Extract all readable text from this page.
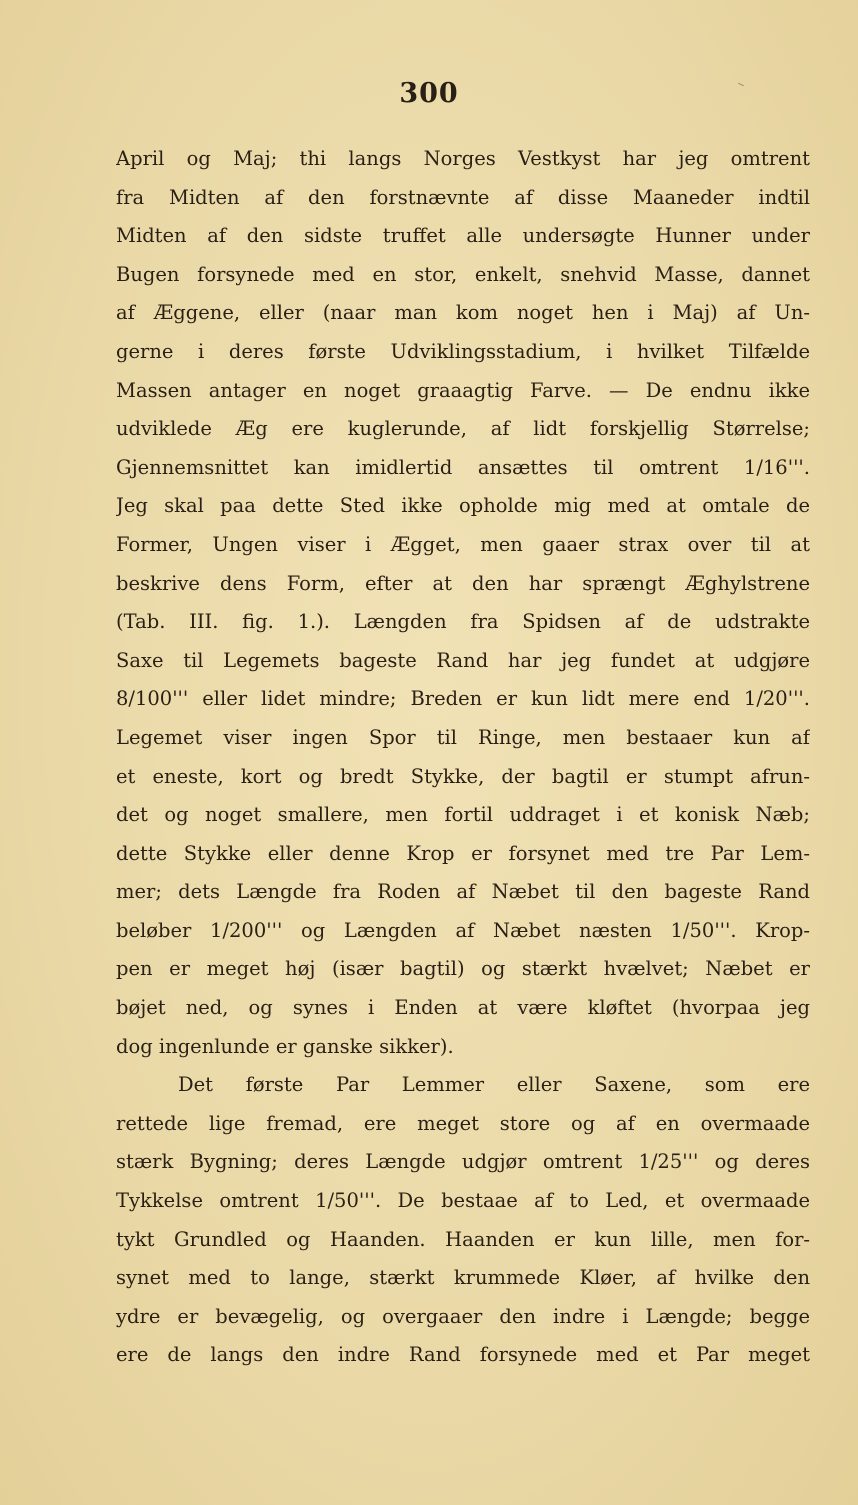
300
April og Maj; thi langs Norges Vestkyst har jeg omtrent
fra Midten af den forstnævnte af disse Maaneder indtil
Midten af den sidste truffet alle undersøgte Hunner under
Bugen forsynede med en stor, enkelt, snehvid Masse, dannet
af Æggene, eller (naar man kom noget hen i Maj) af Un-
gerne i deres første Udviklingsstadium, i hvilket Tilfælde
Massen antager en noget graaagtig Farve. — De endnu ikke
udviklede Æg ere kuglerunde, af lidt forskjellig Størrelse;
Gjennemsnittet kan imidlertid ansættes til omtrent 1/16'''.
Jeg skal paa dette Sted ikke opholde mig med at omtale de
Former, Ungen viser i Ægget, men gaaer strax over til at
beskrive dens Form, efter at den har sprængt Æghylstrene
(Tab. III. fig. 1.). Længden fra Spidsen af de udstrakte
Saxe til Legemets bageste Rand har jeg fundet at udgjøre
8/100''' eller lidet mindre; Breden er kun lidt mere end 1/20'''.
Legemet viser ingen Spor til Ringe, men bestaaer kun af
et eneste, kort og bredt Stykke, der bagtil er stumpt afrun-
det og noget smallere, men fortil uddraget i et konisk Næb;
dette Stykke eller denne Krop er forsynet med tre Par Lem-
mer; dets Længde fra Roden af Næbet til den bageste Rand
beløber 1/200''' og Længden af Næbet næsten 1/50'''. Krop-
pen er meget høj (især bagtil) og stærkt hvælvet; Næbet er
bøjet ned, og synes i Enden at være kløftet (hvorpaa jeg
dog ingenlunde er ganske sikker).
Det første Par Lemmer eller Saxene, som ere
rettede lige fremad, ere meget store og af en overmaade
stærk Bygning; deres Længde udgjør omtrent 1/25''' og deres
Tykkelse omtrent 1/50'''. De bestaae af to Led, et overmaade
tykt Grundled og Haanden. Haanden er kun lille, men for-
synet med to lange, stærkt krummede Kløer, af hvilke den
ydre er bevægelig, og overgaaer den indre i Længde; begge
ere de langs den indre Rand forsynede med et Par meget
